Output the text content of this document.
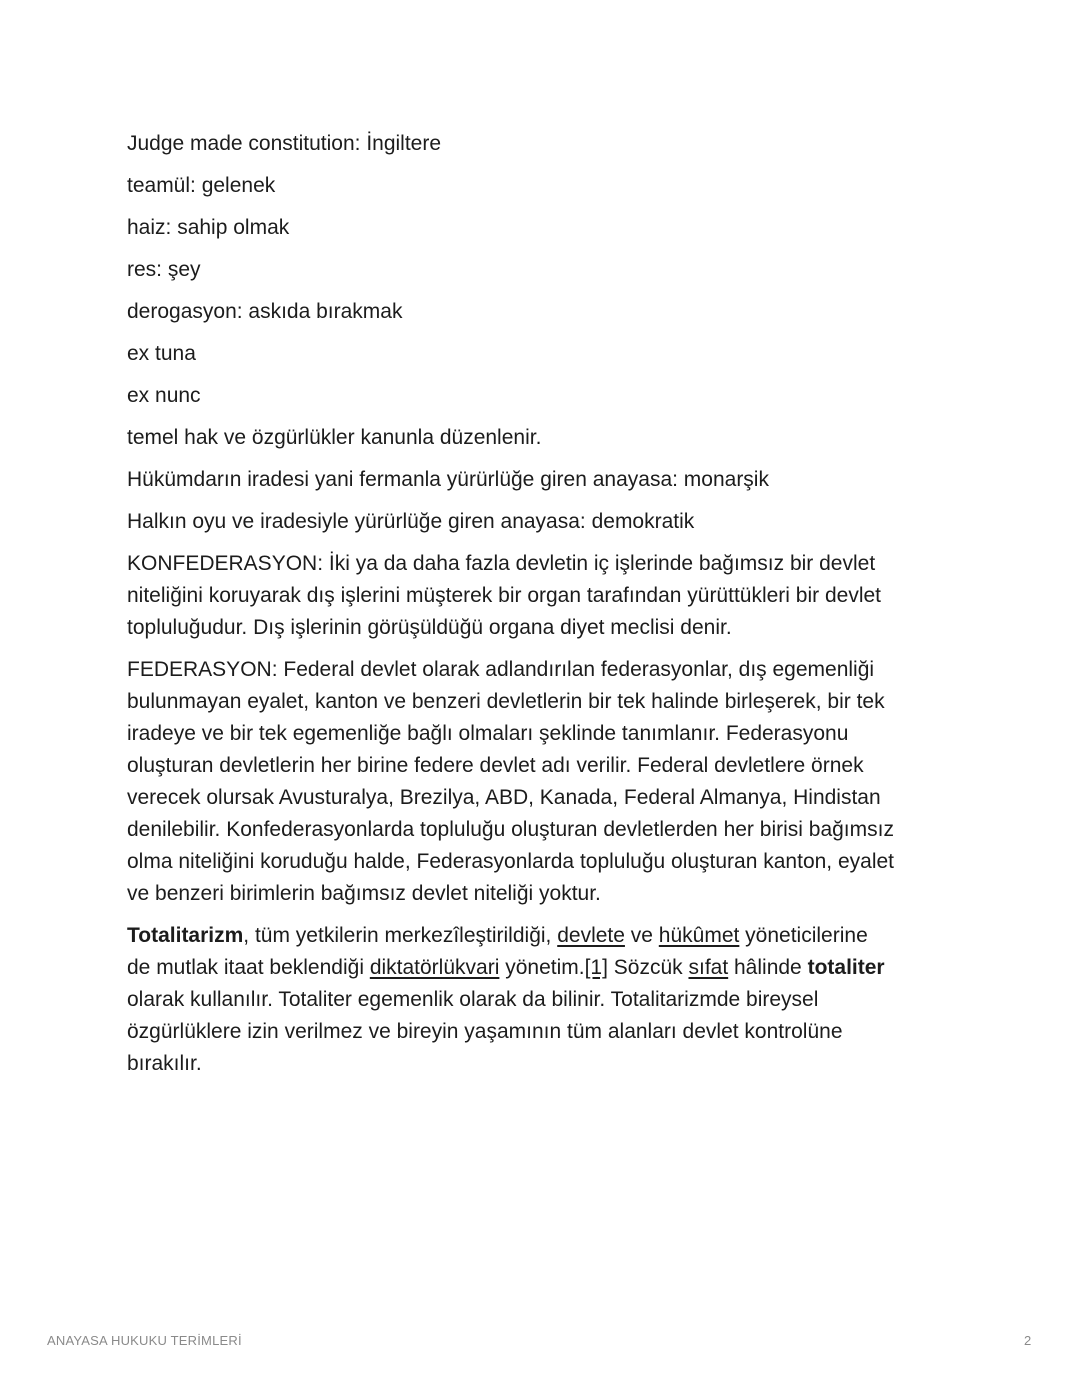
Judge made constitution: İngiltere

teamül: gelenek

haiz: sahip olmak

res: şey

derogasyon: askıda bırakmak

ex tuna

ex nunc

temel hak ve özgürlükler kanunla düzenlenir.

Hükümdarın iradesi yani fermanla yürürlüğe giren anayasa: monarşik

Halkın oyu ve iradesiyle yürürlüğe giren anayasa: demokratik

KONFEDERASYON: İki ya da daha fazla devletin iç işlerinde bağımsız bir devlet
niteliğini koruyarak dış işlerini müşterek bir organ tarafından yürüttükleri bir devlet
topluluğudur. Dış işlerinin görüşüldüğü organa diyet meclisi denir.

FEDERASYON: Federal devlet olarak adlandırılan federasyonlar, dış egemenliği
bulunmayan eyalet, kanton ve benzeri devletlerin bir tek halinde birleşerek, bir tek
iradeye ve bir tek egemenliğe bağlı olmaları şeklinde tanımlanır. Federasyonu
oluşturan devletlerin her birine federe devlet adı verilir. Federal devletlere örnek
verecek olursak Avusturalya, Brezilya, ABD, Kanada, Federal Almanya, Hindistan
denilebilir. Konfederasyonlarda topluluğu oluşturan devletlerden her birisi bağımsız
olma niteliğini koruduğu halde, Federasyonlarda topluluğu oluşturan kanton, eyalet
ve benzeri birimlerin bağımsız devlet niteliği yoktur.

Totalitarizm, tüm yetkilerin merkezîleştirildiği, devlete ve hükûmet yöneticilerine
de mutlak itaat beklendiği diktatörlükvari yönetim.[1] Sözcük sıfat hâlinde totaliter
olarak kullanılır. Totaliter egemenlik olarak da bilinir. Totalitarizmde bireysel
özgürlüklere izin verilmez ve bireyin yaşamının tüm alanları devlet kontrolüne
bırakılır.

ANAYASA HUKUKU TERİMLERİ	2
